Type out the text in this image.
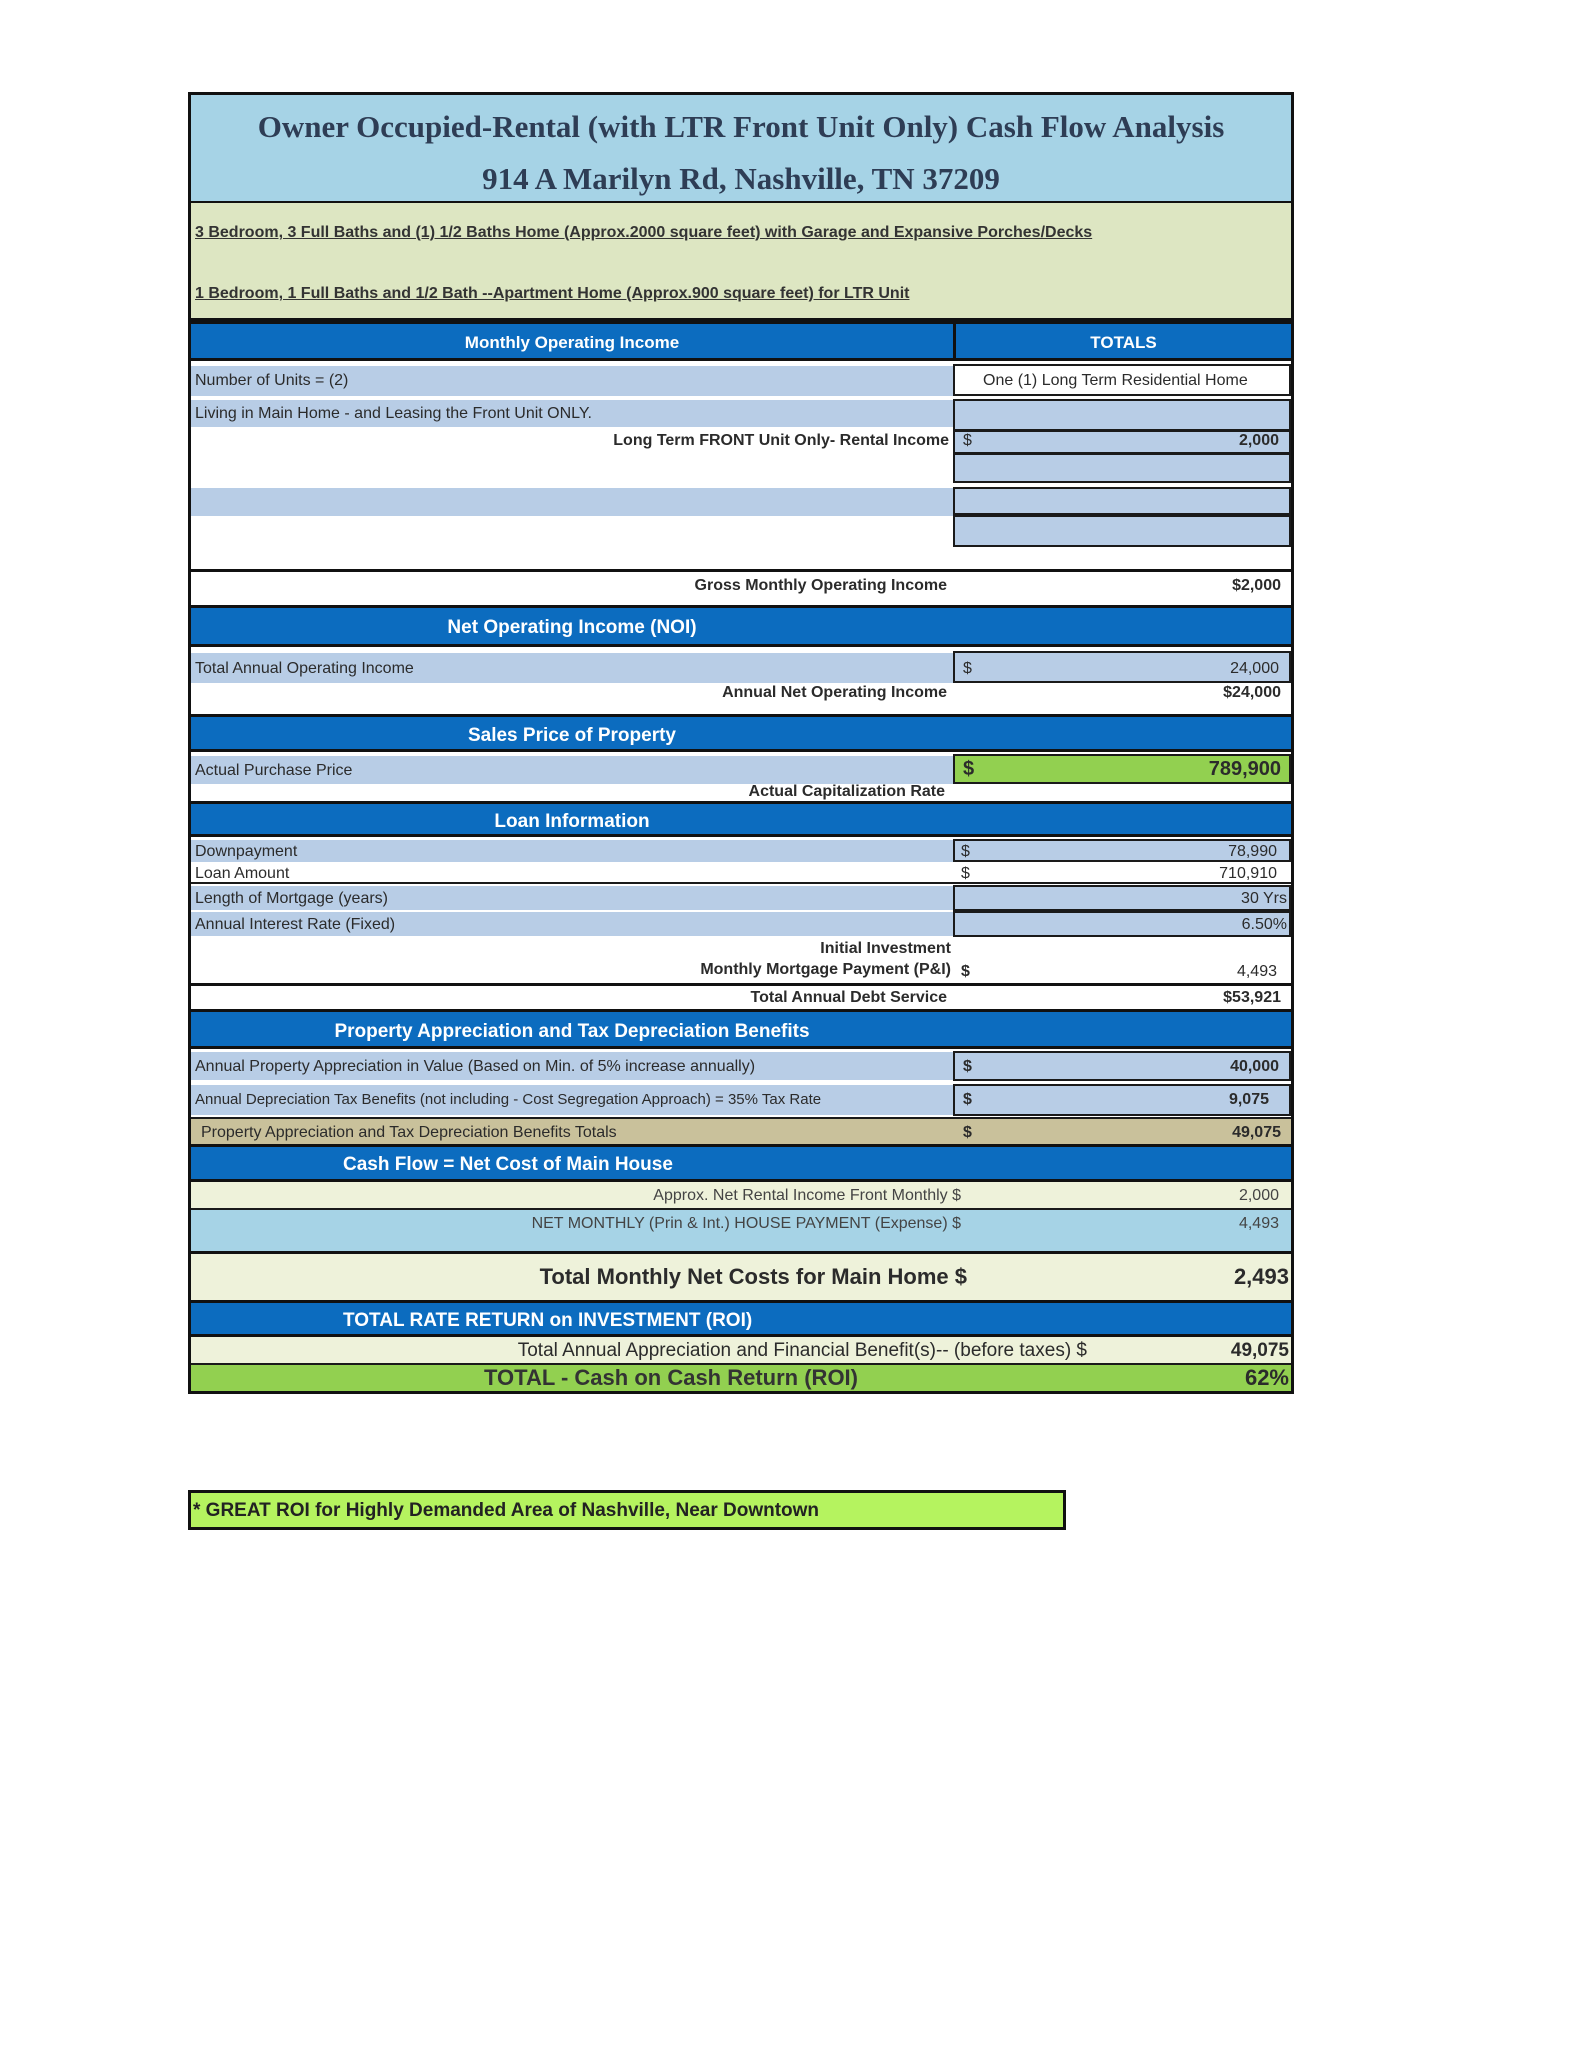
Owner Occupied-Rental (with LTR Front Unit Only) Cash Flow Analysis
914 A Marilyn Rd, Nashville, TN 37209
3 Bedroom, 3 Full Baths and (1) 1/2 Baths Home (Approx.2000 square feet) with Garage and Expansive Porches/Decks
1 Bedroom, 1 Full Baths and 1/2 Bath --Apartment Home (Approx.900 square feet) for LTR Unit
Monthly Operating Income	TOTALS
Number of Units = (2)	One (1) Long Term Residential Home
Living in Main Home - and Leasing the Front Unit ONLY.
Long Term FRONT Unit Only- Rental Income $	2,000
Gross Monthly Operating Income	$2,000
Net Operating Income (NOI)
Total Annual Operating Income	$	24,000
Annual Net Operating Income	$24,000
Sales Price of Property
Actual Purchase Price	$	789,900
Actual Capitalization Rate
Loan Information
Downpayment	$	78,990
Loan Amount	$	710,910
Length of Mortgage (years)	30 Yrs
Annual Interest Rate (Fixed)	6.50%
Initial Investment
Monthly Mortgage Payment (P&I) $	4,493
Total Annual Debt Service	$53,921
Property Appreciation and Tax Depreciation Benefits
Annual Property Appreciation in Value (Based on Min. of 5% increase annually)	$	40,000
Annual Depreciation Tax Benefits (not including - Cost Segregation Approach) = 35% Tax Rate	$	9,075
Property Appreciation and Tax Depreciation Benefits Totals	$	49,075
Cash Flow = Net Cost of Main House
Approx. Net Rental Income Front Monthly $	2,000
NET MONTHLY (Prin & Int.) HOUSE PAYMENT (Expense) $	4,493
Total Monthly Net Costs for Main Home $	2,493
TOTAL RATE RETURN on INVESTMENT (ROI)
Total Annual Appreciation and Financial Benefit(s)-- (before taxes) $	49,075
TOTAL - Cash on Cash Return (ROI)	62%
* GREAT ROI for Highly Demanded Area of Nashville, Near Downtown
